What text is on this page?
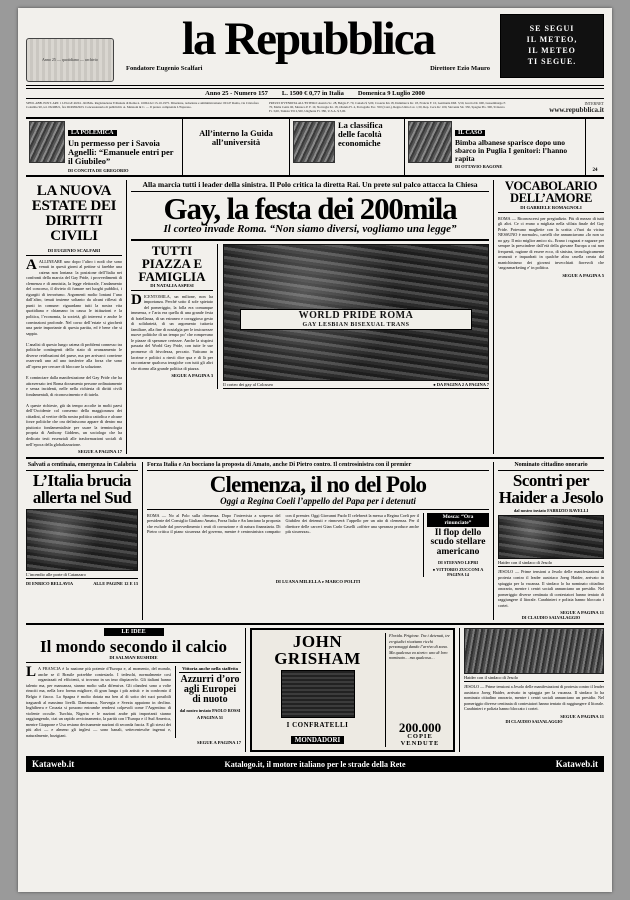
Anno 25 — quotidiano — archivio	la Repubblica
Fondatore Eugenio Scalfari	Direttore Ezio Mauro
SE SEGUI
IL METEO,
IL METEO
TI SEGUE.
Anno 25 - Numero 157 L. 1500 € 0,77 in Italia Domenica 9 Luglio 2000
SPED. ABB. POST. ART. 1 LEGGE 46/04 - ROMA. Registrazione Tribunale di Roma n. 16064 del 13-10-1975. Direzione, redazione e amministrazione: 00147 Roma, via Cristoforo Colombo 90, tel. 06/49821, fax 06/49822923. Concessionaria di pubblicità: A. Manzoni & C. — Il prezzo comprende L'Espresso.
PREZZI D'VENDITA ALL'ESTERO: Austria Sc. 28, Belgio F. 70, Canada $ 3,00, Croazia Kn 18, Danimarca Kr. 18, Francia F. 10, Germania DM. 3,50, Grecia Dr. 600, Lussemburgo F. 70, Malta Cents 60, Monaco P. F. 10, Norvegia Kr. 18, Olanda Fl. 4, Portogallo Esc. 350 (Cont.), Regno Unito Lst. 1,50, Rep. Ceca Kc 100, Slovenia Sit. 330, Spagna Pts. 300, Svizzera Fr. 3,00, Tunisia TD 2,500, Ungheria Ft. 380, U.S.A. $ 3,00.
INTERNET
www.repubblica.it
LA POLEMICA
Un permesso per i Savoia Agnelli: “Emanuele entri per il Giubileo”
DI CONCITA DE GREGORIO
All’interno la Guida all’università
La classifica delle facoltà economiche
IL CASO
Bimba albanese sparisce dopo uno sbarco in Puglia I genitori: l’hanno rapita
DI OTTAVIO RAGONE
24
LA NUOVA ESTATE DEI DIRITTI CIVILI
DI EUGENIO SCALFARI
AALLINEARE uno dopo l’altro i nodi che sono venuti in questi giorni al pettine si farebbe una catena non lontana: la posizione dell’Italia nei confronti della marcia del Gay Pride, i provvedimenti di clemenza e di amnistia, la legge elettorale, l’andamento del concorso, il divieto di fumare nei luoghi pubblici, i rigurgiti di terrorismo. Argomenti molto lontani l’uno dall’altro, tenuti insieme soltanto da alcuni riflessi di punti in comune: riguardano tutti la nostra vita quotidiana e chiamano in causa le istituzioni e la politica, l’economia, la società, gli interessi e anche le convinzioni profonde. Nel corso dell’estate si giocherà una parte importante di questa partita, ed è bene che si sappia.

L’analisi di questo lungo catena di problemi connesso tra politiche contingenti dello stato di avanzamento le diverse retribuzioni del paese, ma per arrivarci conviene osservarli uno ad uno trasferire alla forza che sono all’opera per cercare di bloccare la soluzione.

E cominciare dalla manifestazione del Gay Pride che ha attraversato ieri Roma documento persone ordinatamente e senza incidenti, nelle nella richiesta di diritti civili fondamentali, di riconoscimento e di tutela.

A queste richieste, già da tempo accolte in molti paesi dell’Occidente col consenso della maggioranza dei cittadini, al vertice della nostra politica cattolica e alcune forze politiche che ora definiscono appare di dentro ma piuttosto fondamentaliste per usare la terminologia propria di Anthony Giddens, un sociologo che ha dedicato testi essenziali alle trasformazioni sociali di nell’epoca della globalizzazione.
SEGUE A PAGINA 17
Alla marcia tutti i leader della sinistra. Il Polo critica la diretta Rai. Un prete sul palco attacca la Chiesa
Gay, la festa dei 200mila
Il corteo invade Roma. “Non siamo diversi, vogliamo una legge”
TUTTI PIAZZA E FAMIGLIA
DI NATALIA ASPESI
DICENTOMILA, un milione, non ha importanza. Perché sotto il sole spietato del pomeriggio, la folla era comunque immensa, e l’aria era quella di una grande festa di fratellanza, di un estraneo e coraggioso gesto di solidarietà, di un argomento tuttavia familiare, alla fine di nostalgia per le insicurezze nuove politiche di un tempo po’ che rompevano le piazze di speranze certezze. Anche la stupirsi passata del World Gay Pride, con tutte le sue promesse di frivolezza, peccato. Vaticano in lacrime e politici a rinvii dice qua e di là per raccontarne qualcosa teragiche con tutti gli altri che ritorno alla grande politica di piazza.
SEGUE A PAGINA 3
WORLD PRIDE ROMA
GAY LESBIAN BISEXUAL TRANS
Il corteo dei gay al Colosseo	● DA PAGINA 2 A PAGINA 7
VOCABOLARIO DELL’AMORE
DI GABRIELE ROMAGNOLI
ROMA — Riconoscersi per pregiudizio. Più di mezzo di tutti gli altri. Ce ci erano a migliaia nella sfilata finale del Gay Pride. Potevano magliette con la scritta «Vuoi da vicino NESSUNO è normale», cartelli che annunciavano «Io non so no gay. Il mio miglior amico sì». Erano i ragazzi e ragazze per sempre la prescindere dall’età della giovane Europa a cui non frequenti, ragione di essere ecco, di sinistra, tecnologicamente avanzati e inquadrati in qualche altra casella creata dal manichinismo dei giovani invecchiati fiorevoli che ‘angosmarketing e’ in politica.
SEGUE A PAGINA 5
Salvati a centinaia, emergenza in Calabria
L’Italia brucia allerta nel Sud
L’incendio alle porte di Catanzaro
DI ENRICO BELLAVIA	ALLE PAGINE 12 E 13
Forza Italia e An bocciano la proposta di Amato, anche Di Pietro contro. Il centrosinistra con il premier
Clemenza, il no del Polo
Oggi a Regina Coeli l’appello del Papa per i detenuti
ROMA — No al Polo sulla clemenza. Dopo l’intervista a sorpresa del presidente del Consiglio Giuliano Amato, Forza Italia e An lanciano la proposta che esclude dal provvedimento i reati di corruzione e di natura finanziaria. Di Pietro critica il piano sicurezza del governo, mentre è centrosinistra compatto con il premier. Oggi Giovanni Paolo II celebrerà la messa a Regina Coeli per il Giubileo dei detenuti e rinnoverà l’appello per un atto di clemenza. Per il direttore delle carceri Gian Carlo Caselli «offrire una speranza produce anche più sicurezza».
Mosca: “Ora rinunciate”
Il flop dello scudo stellare americano
DI STEFANO LEPRI
● VITTORIO ZUCCONI A PAGINA 14
DI LUANA MILELLA e MARCO POLITI
Nominato cittadino onorario
Scontri per Haider a Jesolo
dal nostro inviato FABRIZIO RAVELLI
Haider con il sindaco di Jesolo
JESOLO — Prime tensioni a Jesolo delle manifestazioni di protesta contro il leader austriaco Joerg Haider, arrivato in spiaggia per la vacanza. Il sindaco lo ha nominato cittadino onorario, mentre i centri sociali annunciano un presidio. Nel pomeriggio diverse centinaia di contestatori hanno tentato di raggiungere il litorale. Carabinieri e polizia hanno bloccato i cortei.
SEGUE A PAGINA 11
DI CLAUDIO SALVALAGGIO
LE IDEE
Il mondo secondo il calcio
DI SALMAN RUSHDIE
LA FRANCIA è la nazione più potente d’Europa e, al momento, del mondo, anche se il Brasile potrebbe contestarlo. I tedeschi, normalmente così organizzati ed efficienti, si trovano in un imo dispiacerlo. Gli italiani hanno talento ma, per mancanza, stanno molto sulla difensiva. Gli olandesi sono a volte rinsciti ma, nella loro forma migliore, di gran lunga i più artisti: e in confronto il Belgio è fiacco. La Spagna è molto dotata ma ben al di sotto dei suoi possibili traguardi al massimo livelli. Danimarca, Norvegia e Svezia appaiono in declino. Inghilterra e Croazia si possono entrambe rendersi colpevoli come l’Argentina: di violente occulte. Turchia, Nigeria e le nazioni arabe più importanti stanno raggiungendo, ciat un rapido avvicinamento, la parità con l’Europa e il Sud America, mentre Giappone e Usa restano decisamente nazioni di seconda fascia. E gli stessi dei più altri — e almeno gli inglesi — sono banali, settecentesche ingenui e, naturalmente, bozigiani.
Vittoria anche nella staffetta
Azzurri d’oro agli Europei di nuoto
dal nostro inviato PAOLO ROSSI
A PAGINA 51
SEGUE A PAGINA 17
JOHN GRISHAM
I CONFRATELLI
MONDADORI
Florida. Prigione. Tra i detenuti, tre ex-giudici ricattano ricchi personaggi dando l’arrivo di zona. Ma qualcosa va storto: uno di loro nominato… ma qualcosa…
200.000
COPIE VENDUTE
Haider con il sindaco di Jesolo
JESOLO — Prime tensioni a Jesolo delle manifestazioni di protesta contro il leader austriaco Joerg Haider, arrivato in spiaggia per la vacanza. Il sindaco lo ha nominato cittadino onorario, mentre i centri sociali annunciano un presidio. Nel pomeriggio diverse centinaia di contestatori hanno tentato di raggiungere il litorale. Carabinieri e polizia hanno bloccato i cortei.
SEGUE A PAGINA 11
DI CLAUDIO SALVALAGGIO
Kataweb.it	Katalogo.it, il motore italiano per le strade della Rete	Kataweb.it
